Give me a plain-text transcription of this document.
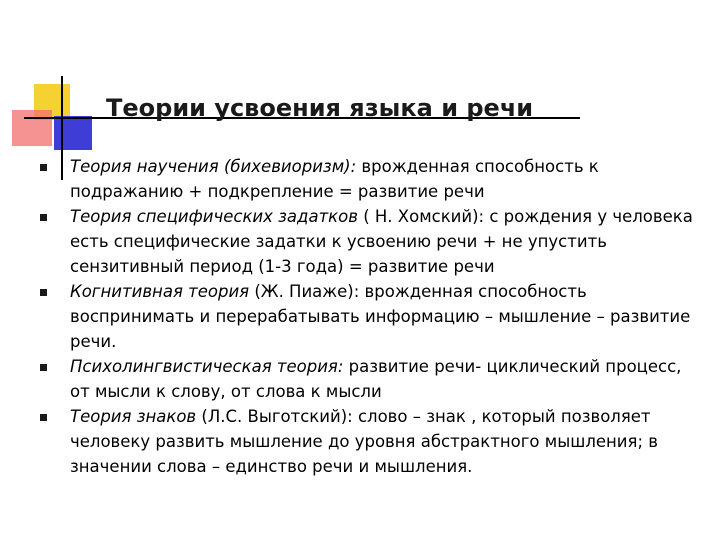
Теории усвоения языка и речи
Теория научения (бихевиоризм): врожденная способность к подражанию + подкрепление = развитие речи
Теория специфических задатков ( Н. Хомский): с рождения у человека есть специфические задатки к усвоению речи + не упустить сензитивный период (1-3 года) = развитие речи
Когнитивная теория (Ж. Пиаже): врожденная способность воспринимать и перерабатывать информацию – мышление – развитие речи.
Психолингвистическая теория: развитие речи- циклический процесс, от мысли к слову, от слова к мысли
Теория знаков (Л.С. Выготский): слово – знак , который позволяет человеку развить мышление до уровня абстрактного мышления; в значении слова – единство речи и мышления.
